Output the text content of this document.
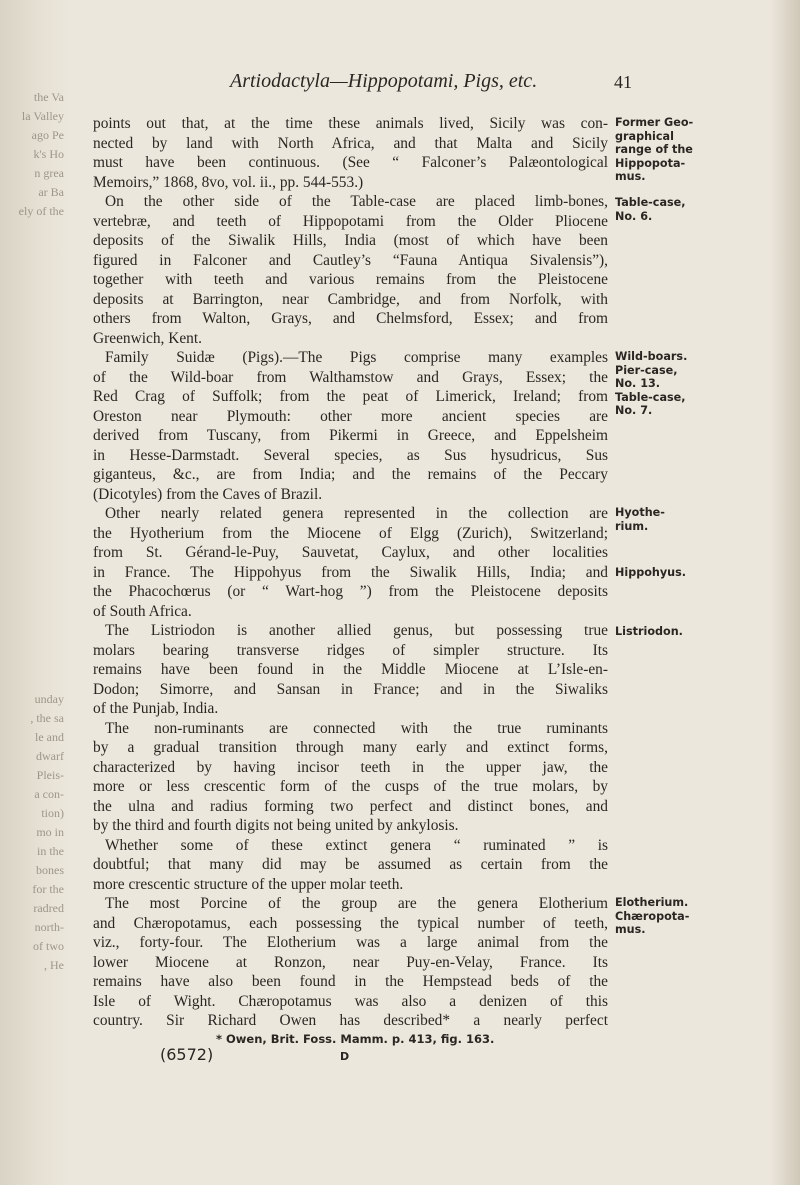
the Va
la Valley
ago Pe
k's Ho
n grea
ar Ba
ely of the
unday
, the sa
le and
dwarf
Pleis-
a con-
tion)
mo in
in the
bones
for the
radred
north-
of two
, He
Artiodactyla—Hippopotami, Pigs, etc.	41
points out that, at the time these animals lived, Sicily was con-
nected by land with North Africa, and that Malta and Sicily
must have been continuous. (See “ Falconer’s Palæontological
Memoirs,” 1868, 8vo, vol. ii., pp. 544-553.)
On the other side of the Table-case are placed limb-bones,
vertebræ, and teeth of Hippopotami from the Older Pliocene
deposits of the Siwalik Hills, India (most of which have been
figured in Falconer and Cautley’s “Fauna Antiqua Sivalensis”),
together with teeth and various remains from the Pleistocene
deposits at Barrington, near Cambridge, and from Norfolk, with
others from Walton, Grays, and Chelmsford, Essex; and from
Greenwich, Kent.
Family Suidæ (Pigs).—The Pigs comprise many examples
of the Wild-boar from Walthamstow and Grays, Essex; the
Red Crag of Suffolk; from the peat of Limerick, Ireland; from
Oreston near Plymouth: other more ancient species are
derived from Tuscany, from Pikermi in Greece, and Eppelsheim
in Hesse-Darmstadt. Several species, as Sus hysudricus, Sus
giganteus, &c., are from India; and the remains of the Peccary
(Dicotyles) from the Caves of Brazil.
Other nearly related genera represented in the collection are
the Hyotherium from the Miocene of Elgg (Zurich), Switzerland;
from St. Gérand-le-Puy, Sauvetat, Caylux, and other localities
in France. The Hippohyus from the Siwalik Hills, India; and
the Phacochœrus (or “ Wart-hog ”) from the Pleistocene deposits
of South Africa.
The Listriodon is another allied genus, but possessing true
molars bearing transverse ridges of simpler structure. Its
remains have been found in the Middle Miocene at L’Isle-en-
Dodon; Simorre, and Sansan in France; and in the Siwaliks
of the Punjab, India.
The non-ruminants are connected with the true ruminants
by a gradual transition through many early and extinct forms,
characterized by having incisor teeth in the upper jaw, the
more or less crescentic form of the cusps of the true molars, by
the ulna and radius forming two perfect and distinct bones, and
by the third and fourth digits not being united by ankylosis.
Whether some of these extinct genera “ ruminated ” is
doubtful; that many did may be assumed as certain from the
more crescentic structure of the upper molar teeth.
The most Porcine of the group are the genera Elotherium
and Chæropotamus, each possessing the typical number of teeth,
viz., forty-four. The Elotherium was a large animal from the
lower Miocene at Ronzon, near Puy-en-Velay, France. Its
remains have also been found in the Hempstead beds of the
Isle of Wight. Chæropotamus was also a denizen of this
country. Sir Richard Owen has described* a nearly perfect
Former Geo-
graphical
range of the
Hippopota-
mus.
Table-case,
No. 6.
Wild-boars.
Pier-case,
No. 13.
Table-case,
No. 7.
Hyothe-
rium.
Hippohyus.
Listriodon.
Elotherium.
Chæropota-
mus.
* Owen, Brit. Foss. Mamm. p. 413, fig. 163.
(6572)	D
